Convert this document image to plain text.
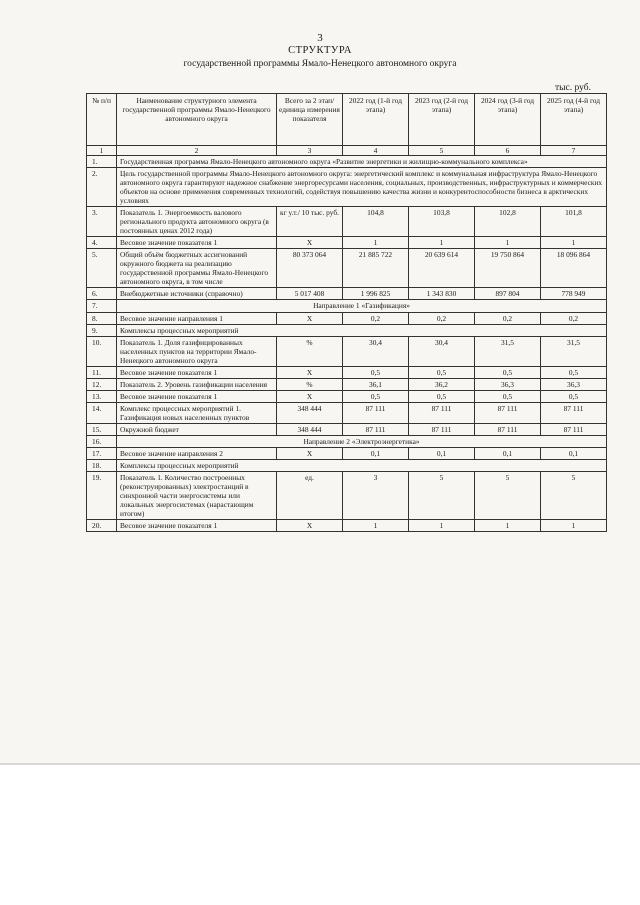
3
СТРУКТУРА
государственной программы Ямало-Ненецкого автономного округа
тыс. руб.
№ п/п	Наименование структурного элемента государственной программы Ямало-Ненецкого автономного округа	Всего за 2 этап/ единица измерения показателя	2022 год (1-й год этапа)	2023 год (2-й год этапа)	2024 год (3-й год этапа)	2025 год (4-й год этапа)
1	2	3	4	5	6	7
1.	Государственная программа Ямало-Ненецкого автономного округа «Развитие энергетики и жилищно-коммунального комплекса»					
2.	Цель государственной программы Ямало-Ненецкого автономного округа: энергетический комплекс и коммунальная инфраструктура Ямало-Ненецкого автономного округа гарантируют надежное снабжение энергоресурсами населения, социальных, производственных, инфраструктурных и коммерческих объектов на основе применения современных технологий, содействуя повышению качества жизни и конкурентоспособности бизнеса в арктических условиях					
3.	Показатель 1. Энергоемкость валового регионального продукта автономного округа (в постоянных ценах 2012 года)	кг у.т./ 10 тыс. руб.	104,8	103,8	102,8	101,8
4.	Весовое значение показателя 1	X	1	1	1	1
5.	Общий объём бюджетных ассигнований окружного бюджета на реализацию государственной программы Ямало-Ненецкого автономного округа, в том числе	80 373 064	21 885 722	20 639 614	19 750 864	18 096 864
6.	Внебюджетные источники (справочно)	5 017 408	1 996 825	1 343 830	897 804	778 949
7.	Направление 1 «Газификация»					
8.	Весовое значение направления 1	X	0,2	0,2	0,2	0,2
9.	Комплексы процессных мероприятий					
10.	Показатель 1. Доля газифицированных населенных пунктов на территории Ямало-Ненецкого автономного округа	%	30,4	30,4	31,5	31,5
11.	Весовое значение показателя 1	X	0,5	0,5	0,5	0,5
12.	Показатель 2. Уровень газификации населения	%	36,1	36,2	36,3	36,3
13.	Весовое значение показателя 1	X	0,5	0,5	0,5	0,5
14.	Комплекс процессных мероприятий 1. Газификация новых населенных пунктов	348 444	87 111	87 111	87 111	87 111
15.	Окружной бюджет	348 444	87 111	87 111	87 111	87 111
16.	Направление 2 «Электроэнергетика»					
17.	Весовое значение направления 2	X	0,1	0,1	0,1	0,1
18.	Комплексы процессных мероприятий					
19.	Показатель 1. Количество построенных (реконструированных) электростанций в синхронной части энергосистемы или локальных энергосистемах (нарастающим итогом)	ед.	3	5	5	5
20.	Весовое значение показателя 1	X	1	1	1	1
